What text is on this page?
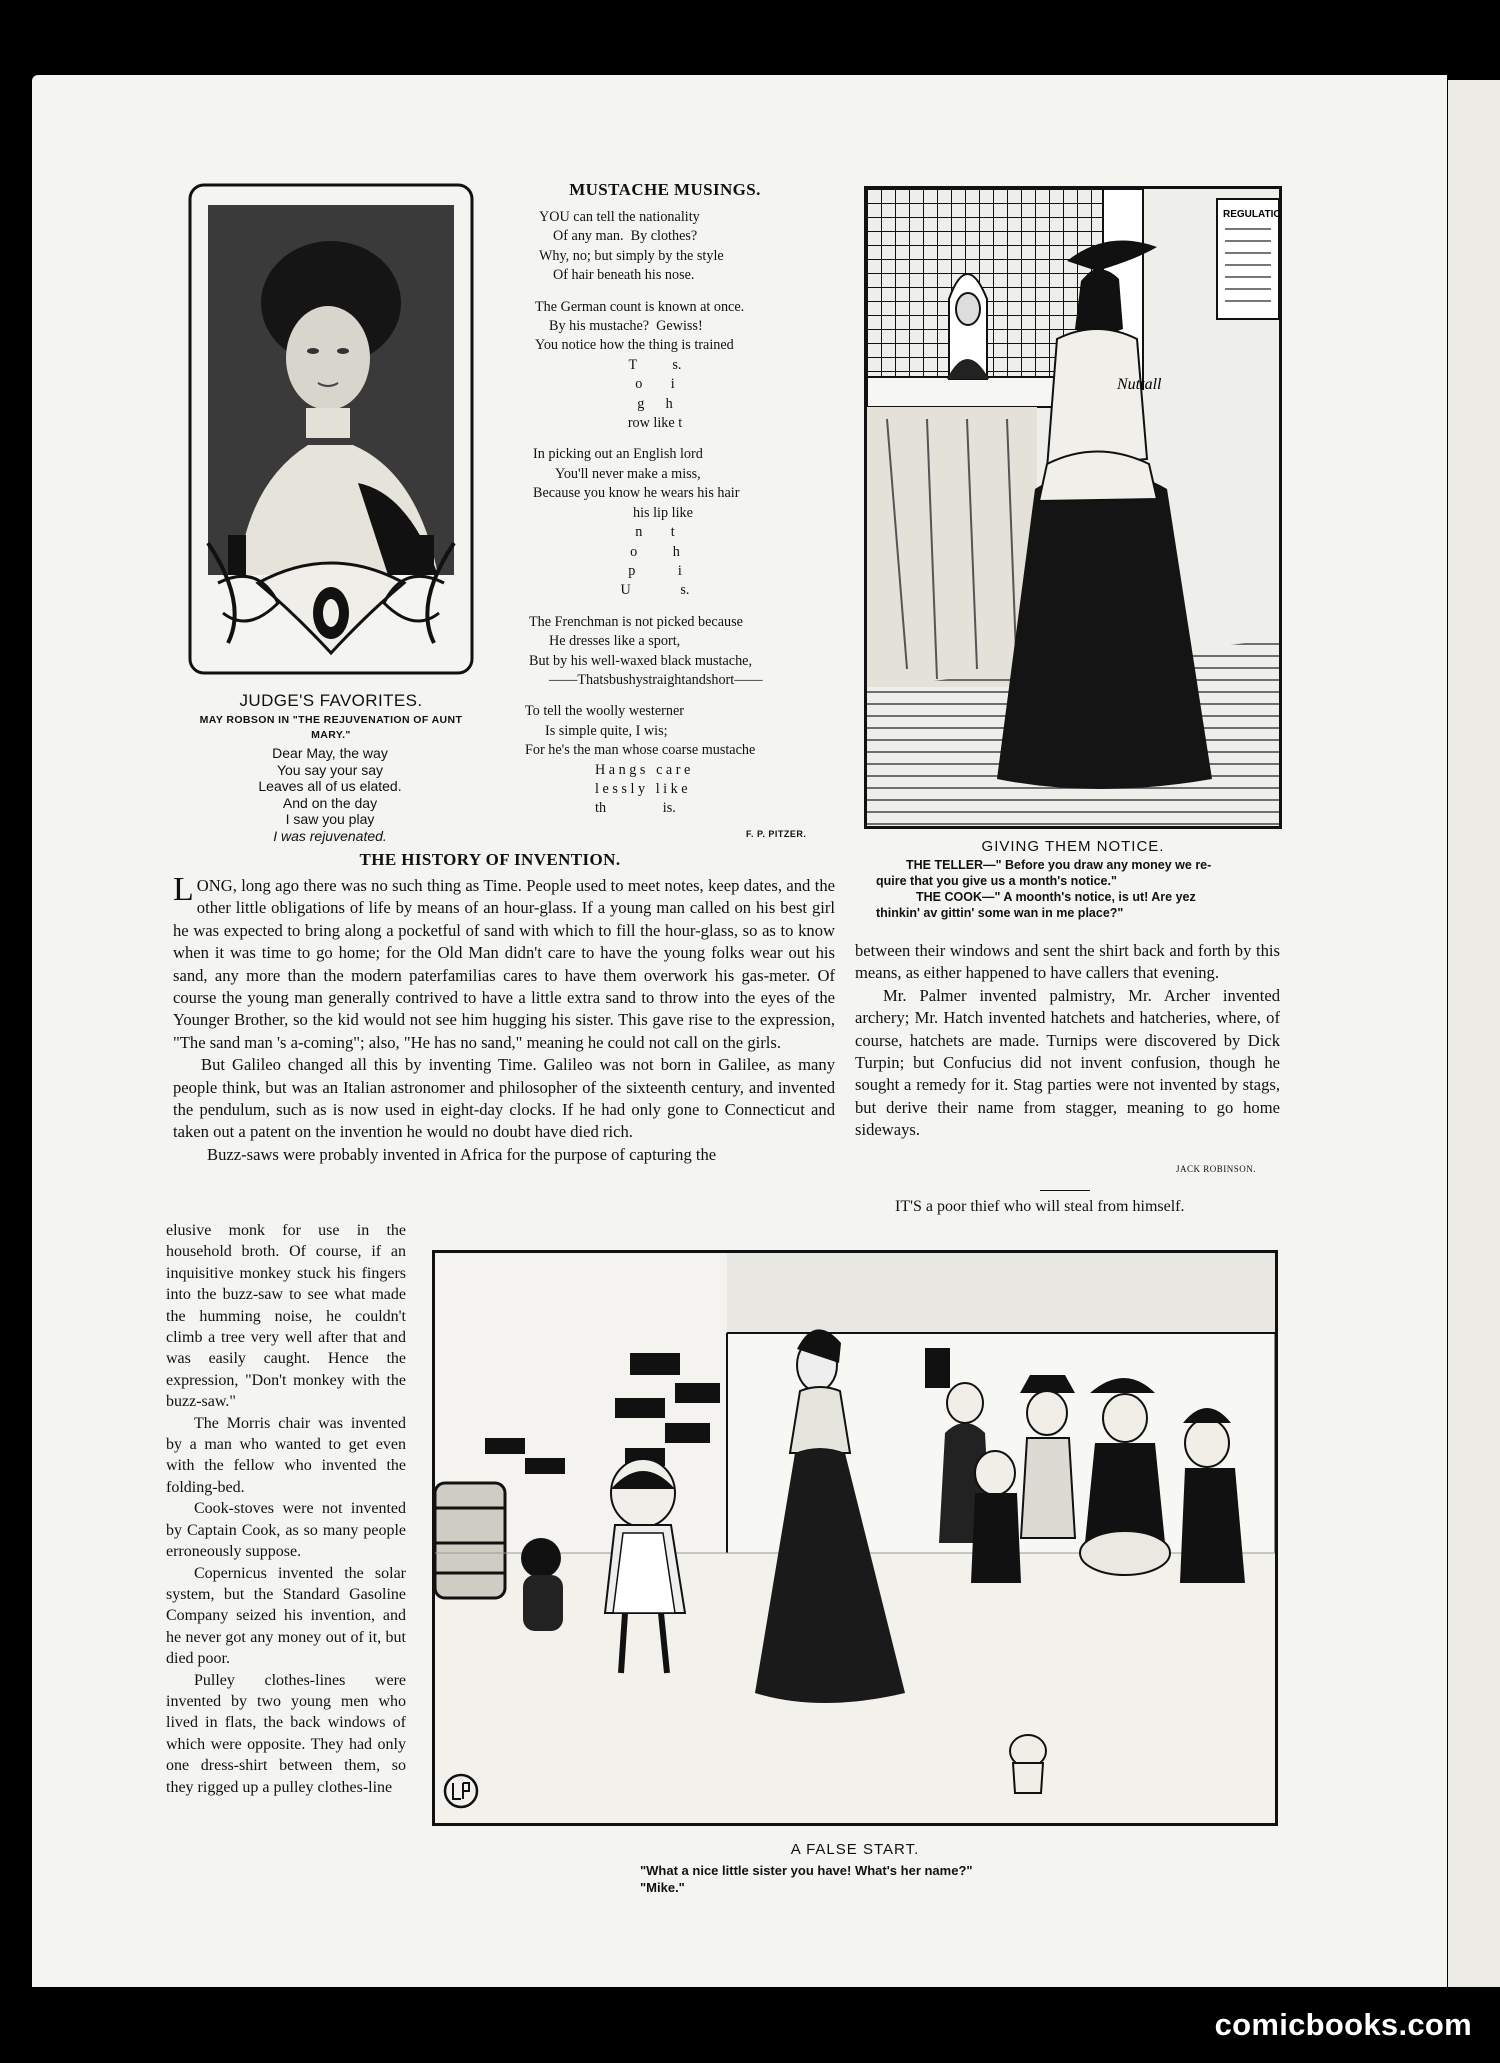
JUDGE'S FAVORITES.
MAY ROBSON IN "THE REJUVENATION OF AUNT MARY."
Dear May, the way
You say your say
Leaves all of us elated.
And on the day
I saw you play
I was rejuvenated.
MUSTACHE MUSINGS.
YOU can tell the nationality
Of any man.  By clothes?
Why, no; but simply by the style
Of hair beneath his nose.
The German count is known at once.
By his mustache?  Gewiss!
You notice how the thing is trained
T          s.
o        i
g      h
row like t
In picking out an English lord
You'll never make a miss,
Because you know he wears his hair
his lip like
n        t
o          h
p            i
U              s.
The Frenchman is not picked because
He dresses like a sport,
But by his well-waxed black mustache,
——Thatsbushystraightandshort——
To tell the woolly westerner
Is simple quite, I wis;
For he's the man whose coarse mustache
H a n g s   c a r e
l e s s l y   l i k e
th                is.
F. P. PITZER.
REGULATIO
Nuttall
GIVING THEM NOTICE.
THE TELLER—" Before you draw any money we re-
quire that you give us a month's notice."
THE COOK—" A moonth's notice, is ut! Are yez
thinkin' av gittin' some wan in me place?"
THE HISTORY OF INVENTION.

LONG, long ago there was no such thing as Time. People used to meet notes, keep dates, and the other little obligations of life by means of an hour-glass. If a young man called on his best girl he was expected to bring along a pocketful of sand with which to fill the hour-glass, so as to know when it was time to go home; for the Old Man didn't care to have the young folks wear out his sand, any more than the modern paterfamilias cares to have them overwork his gas-meter. Of course the young man generally contrived to have a little extra sand to throw into the eyes of the Younger Brother, so the kid would not see him hugging his sister. This gave rise to the expression, "The sand man 's a-coming"; also, "He has no sand," meaning he could not call on the girls.

But Galileo changed all this by inventing Time. Galileo was not born in Galilee, as many people think, but was an Italian astronomer and philosopher of the sixteenth century, and invented the pendulum, such as is now used in eight-day clocks. If he had only gone to Connecticut and taken out a patent on the invention he would no doubt have died rich.

Buzz-saws were probably invented in Africa for the purpose of capturing the

elusive monk for use in the household broth. Of course, if an inquisitive monkey stuck his fingers into the buzz-saw to see what made the humming noise, he couldn't climb a tree very well after that and was easily caught. Hence the expression, "Don't monkey with the buzz-saw."

The Morris chair was invented by a man who wanted to get even with the fellow who invented the folding-bed.

Cook-stoves were not invented by Captain Cook, as so many people erroneously suppose.

Copernicus invented the solar system, but the Standard Gasoline Company seized his invention, and he never got any money out of it, but died poor.

Pulley clothes-lines were invented by two young men who lived in flats, the back windows of which were opposite. They had only one dress-shirt between them, so they rigged up a pulley clothes-line

between their windows and sent the shirt back and forth by this means, as either happened to have callers that evening.

Mr. Palmer invented palmistry, Mr. Archer invented archery; Mr. Hatch invented hatchets and hatcheries, where, of course, hatchets are made. Turnips were discovered by Dick Turpin; but Confucius did not invent confusion, though he sought a remedy for it. Stag parties were not invented by stags, but derive their name from stagger, meaning to go home sideways.

JACK ROBINSON.
IT'S a poor thief who will steal from himself.
A FALSE START.
"What a nice little sister you have! What's her name?"
"Mike."
comicbooks.com
